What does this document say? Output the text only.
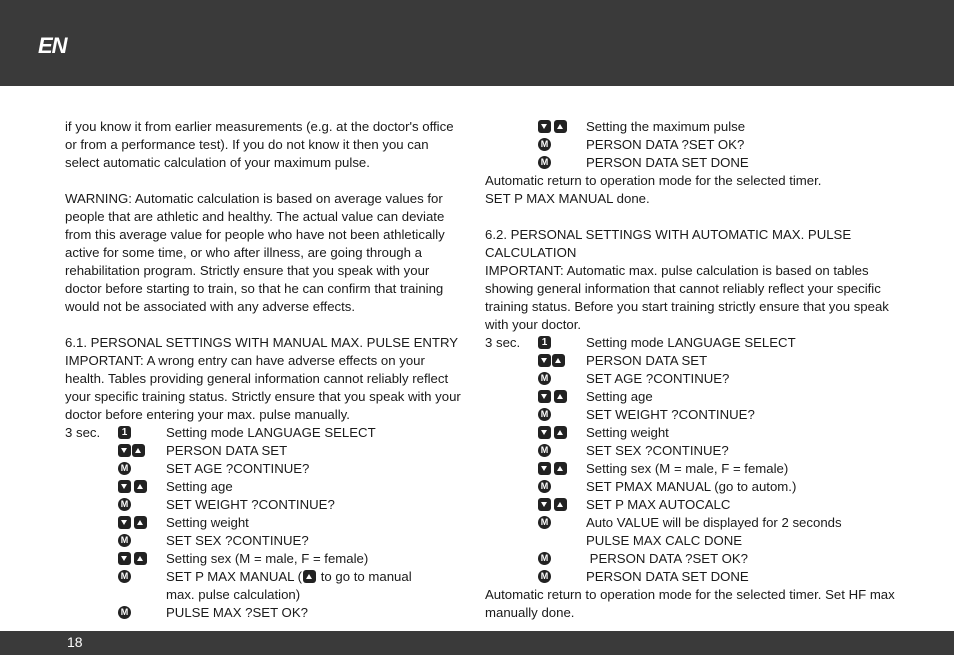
EN

if you know it from earlier measurements (e.g. at the doctor's office or from a performance test). If you do not know it then you can select automatic calculation of your maximum pulse.

WARNING: Automatic calculation is based on average values for people that are athletic and healthy. The actual value can deviate from this average value for people who have not been athletically active for some time, or who after illness, are going through a rehabilitation program. Strictly ensure that you speak with your doctor before starting to train, so that he can confirm that training would not be associated with any adverse effects.

6.1. PERSONAL SETTINGS WITH MANUAL MAX. PULSE ENTRY

IMPORTANT: A wrong entry can have adverse effects on your health. Tables providing general information cannot reliably reflect your specific training status. Strictly ensure that you speak with your doctor before entering your max. pulse manually.

3 sec. 1	Setting mode LANGUAGE SELECT
PERSON DATA SET
M
SET AGE ?CONTINUE?
Setting age
M
SET WEIGHT ?CONTINUE?
Setting weight
M
SET SEX ?CONTINUE?
Setting sex (M = male, F = female)
M
SET P MAX MANUAL ( to go to manual
max. pulse calculation)
M
PULSE MAX ?SET OK?
Setting the maximum pulse
M
PERSON DATA ?SET OK?
M
PERSON DATA SET DONE

Automatic return to operation mode for the selected timer.

SET P MAX MANUAL done.

6.2. PERSONAL SETTINGS WITH AUTOMATIC MAX. PULSE CALCULATION

IMPORTANT: Automatic max. pulse calculation is based on tables showing general information that cannot reliably reflect your specific training status. Before you start training strictly ensure that you speak with your doctor.

3 sec. 1	Setting mode LANGUAGE SELECT
PERSON DATA SET
M
SET AGE ?CONTINUE?
Setting age
M
SET WEIGHT ?CONTINUE?
Setting weight
M
SET SEX ?CONTINUE?
Setting sex (M = male, F = female)
M
SET PMAX MANUAL (go to autom.)
SET P MAX AUTOCALC
M
Auto VALUE will be displayed for 2 seconds
PULSE MAX CALC DONE
M
PERSON DATA ?SET OK?
M
PERSON DATA SET DONE

Automatic return to operation mode for the selected timer. Set HF max manually done.

18
